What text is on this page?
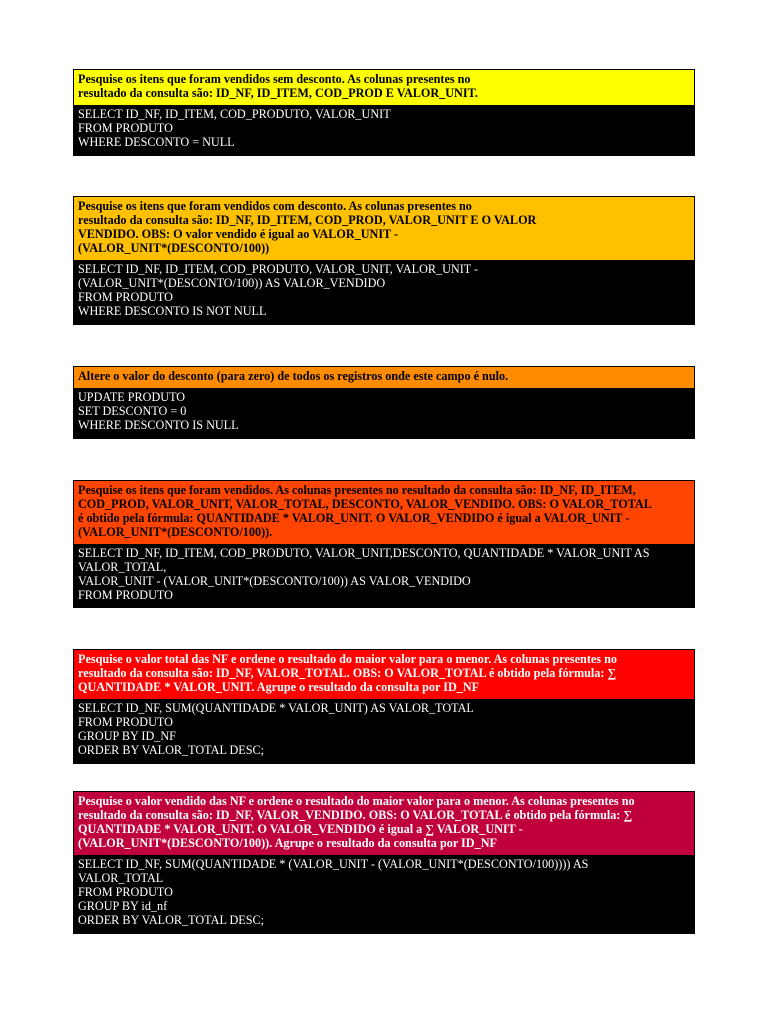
Pesquise os itens que foram vendidos sem desconto. As colunas presentes no
resultado da consulta são: ID_NF, ID_ITEM, COD_PROD E VALOR_UNIT.
SELECT ID_NF, ID_ITEM, COD_PRODUTO, VALOR_UNIT
FROM PRODUTO
WHERE DESCONTO = NULL
Pesquise os itens que foram vendidos com desconto. As colunas presentes no
resultado da consulta são: ID_NF, ID_ITEM, COD_PROD, VALOR_UNIT E O VALOR
VENDIDO. OBS: O valor vendido é igual ao VALOR_UNIT -
(VALOR_UNIT*(DESCONTO/100))
SELECT ID_NF, ID_ITEM, COD_PRODUTO, VALOR_UNIT, VALOR_UNIT -
(VALOR_UNIT*(DESCONTO/100)) AS VALOR_VENDIDO
FROM PRODUTO
WHERE DESCONTO IS NOT NULL
Altere o valor do desconto (para zero) de todos os registros onde este campo é nulo.
UPDATE PRODUTO
SET DESCONTO = 0
WHERE DESCONTO IS NULL
Pesquise os itens que foram vendidos. As colunas presentes no resultado da consulta são: ID_NF, ID_ITEM,
COD_PROD, VALOR_UNIT, VALOR_TOTAL, DESCONTO, VALOR_VENDIDO. OBS: O VALOR_TOTAL
é obtido pela fórmula: QUANTIDADE * VALOR_UNIT. O VALOR_VENDIDO é igual a VALOR_UNIT -
(VALOR_UNIT*(DESCONTO/100)).
SELECT ID_NF, ID_ITEM, COD_PRODUTO, VALOR_UNIT,DESCONTO, QUANTIDADE * VALOR_UNIT AS
VALOR_TOTAL,
VALOR_UNIT - (VALOR_UNIT*(DESCONTO/100)) AS VALOR_VENDIDO
FROM PRODUTO
Pesquise o valor total das NF e ordene o resultado do maior valor para o menor. As colunas presentes no
resultado da consulta são: ID_NF, VALOR_TOTAL. OBS: O VALOR_TOTAL é obtido pela fórmula: ∑
QUANTIDADE * VALOR_UNIT. Agrupe o resultado da consulta por ID_NF
SELECT ID_NF, SUM(QUANTIDADE * VALOR_UNIT) AS VALOR_TOTAL
FROM PRODUTO
GROUP BY ID_NF
ORDER BY VALOR_TOTAL DESC;
Pesquise o valor vendido das NF e ordene o resultado do maior valor para o menor. As colunas presentes no
resultado da consulta são: ID_NF, VALOR_VENDIDO. OBS: O VALOR_TOTAL é obtido pela fórmula: ∑
QUANTIDADE * VALOR_UNIT. O VALOR_VENDIDO é igual a ∑ VALOR_UNIT -
(VALOR_UNIT*(DESCONTO/100)). Agrupe o resultado da consulta por ID_NF
SELECT ID_NF, SUM(QUANTIDADE * (VALOR_UNIT - (VALOR_UNIT*(DESCONTO/100)))) AS
VALOR_TOTAL
FROM PRODUTO
GROUP BY id_nf
ORDER BY VALOR_TOTAL DESC;
